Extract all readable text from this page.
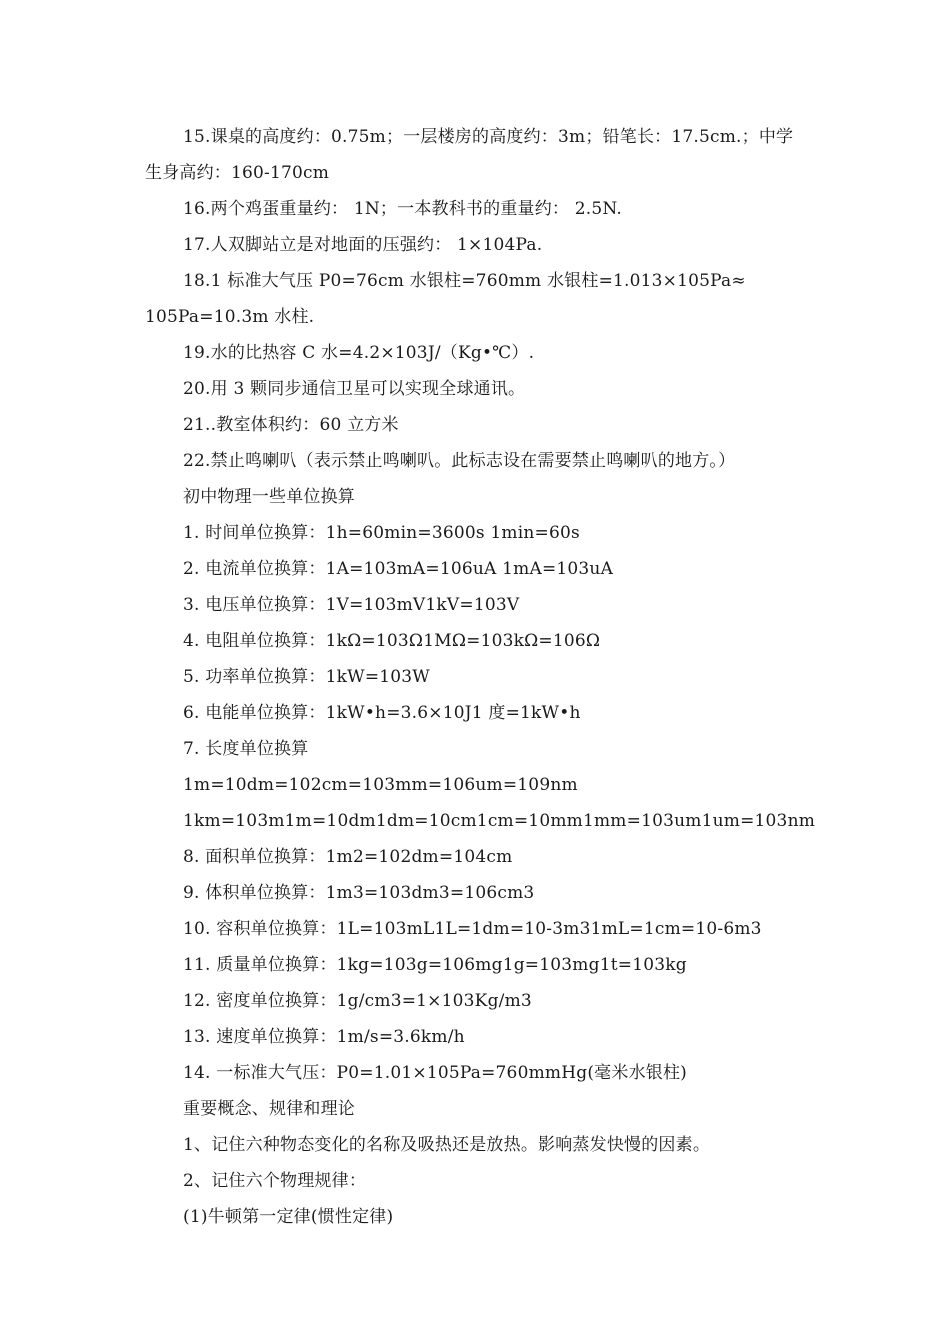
15.课桌的高度约：0.75m；一层楼房的高度约：3m；铅笔长：17.5cm.；中学
生身高约：160-170cm
16.两个鸡蛋重量约： 1N；一本教科书的重量约： 2.5N.
17.人双脚站立是对地面的压强约： 1×104Pa.
18.1 标准大气压 P0=76cm 水银柱=760mm 水银柱=1.013×105Pa≈
105Pa=10.3m 水柱.
19.水的比热容 C 水=4.2×103J/（Kg•℃）.
20.用 3 颗同步通信卫星可以实现全球通讯。
21..教室体积约：60 立方米
22.禁止鸣喇叭（表示禁止鸣喇叭。此标志设在需要禁止鸣喇叭的地方。）
初中物理一些单位换算
1. 时间单位换算：1h=60min=3600s 1min=60s
2. 电流单位换算：1A=103mA=106uA 1mA=103uA
3. 电压单位换算：1V=103mV1kV=103V
4. 电阻单位换算：1kΩ=103Ω1MΩ=103kΩ=106Ω
5. 功率单位换算：1kW=103W
6. 电能单位换算：1kW•h=3.6×10J1 度=1kW•h
7. 长度单位换算
1m=10dm=102cm=103mm=106um=109nm
1km=103m1m=10dm1dm=10cm1cm=10mm1mm=103um1um=103nm
8. 面积单位换算：1m2=102dm=104cm
9. 体积单位换算：1m3=103dm3=106cm3
10. 容积单位换算：1L=103mL1L=1dm=10-3m31mL=1cm=10-6m3
11. 质量单位换算：1kg=103g=106mg1g=103mg1t=103kg
12. 密度单位换算：1g/cm3=1×103Kg/m3
13. 速度单位换算：1m/s=3.6km/h
14. 一标准大气压：P0=1.01×105Pa=760mmHg(毫米水银柱)
重要概念、规律和理论
1、记住六种物态变化的名称及吸热还是放热。影响蒸发快慢的因素。
2、记住六个物理规律：
(1)牛顿第一定律(惯性定律)
